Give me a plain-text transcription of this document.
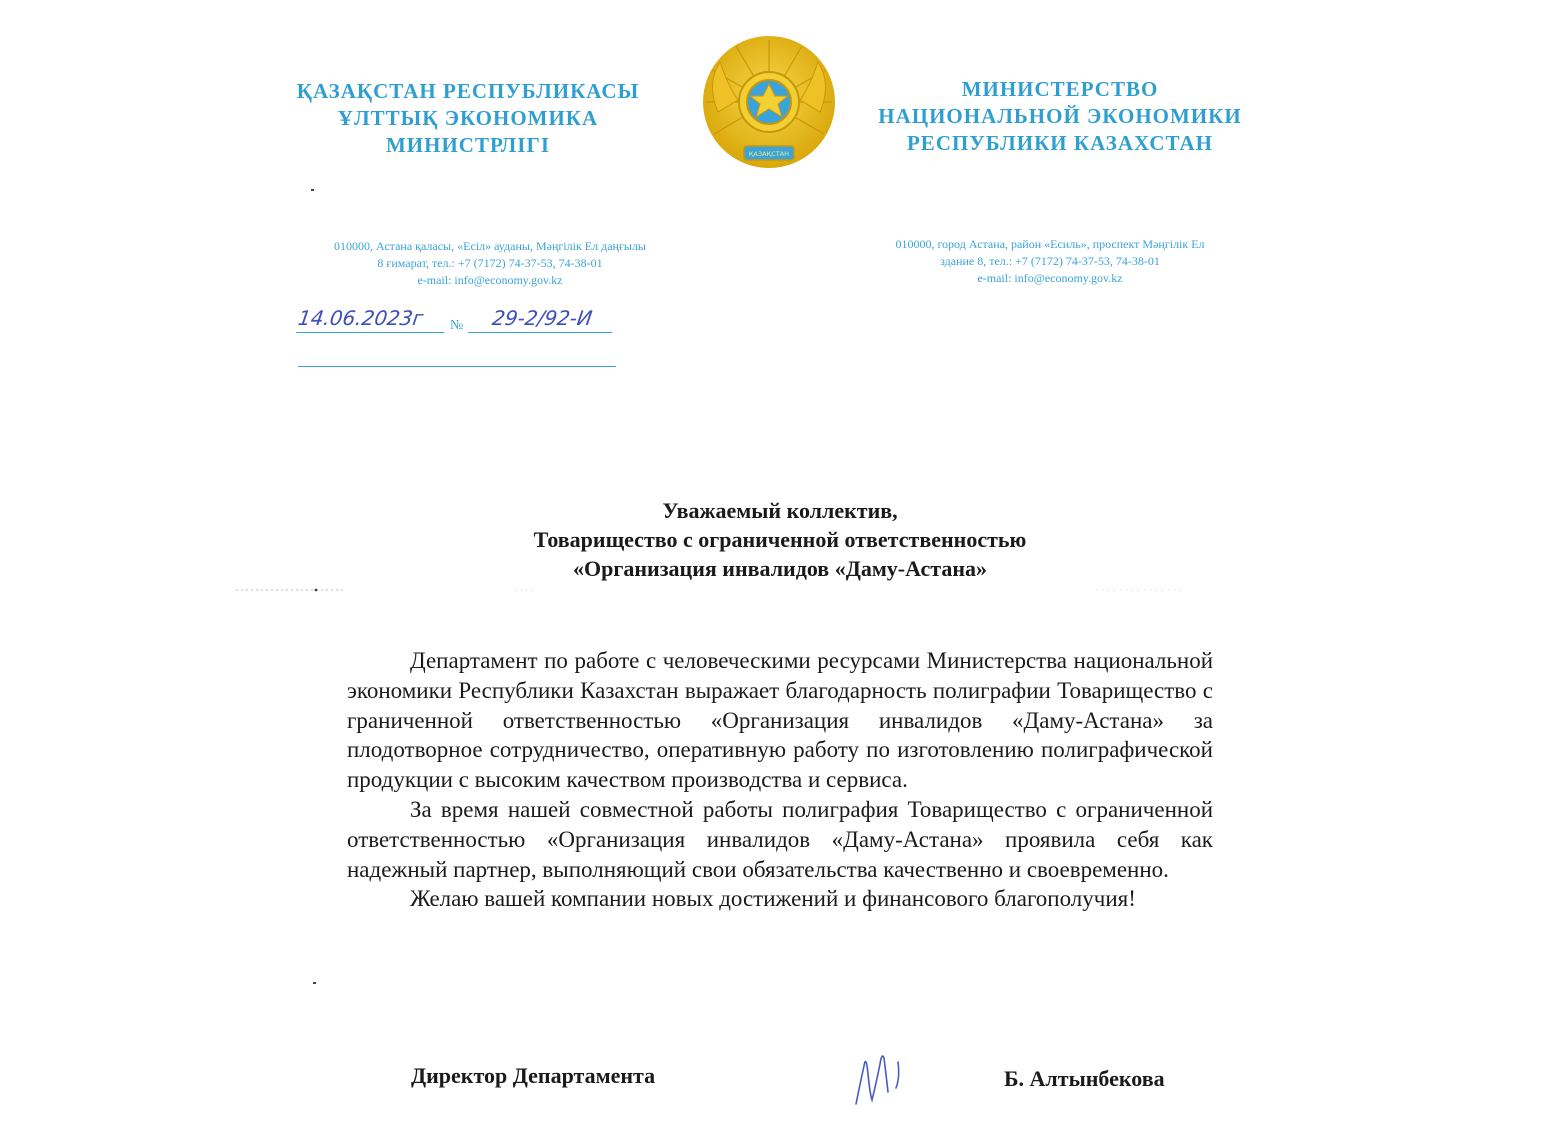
ҚАЗАҚСТАН РЕСПУБЛИКАСЫ
ҰЛТТЫҚ ЭКОНОМИКА
МИНИСТРЛІГІ	ҚАЗАҚСТАН
МИНИСТЕРСТВО
НАЦИОНАЛЬНОЙ ЭКОНОМИКИ
РЕСПУБЛИКИ КАЗАХСТАН
010000, Астана қаласы, «Есіл» ауданы, Мәңгілік Ел даңғылы
8 ғимарат, тел.: +7 (7172) 74-37-53, 74-38-01
e-mail: info@economy.gov.kz
010000, город Астана, район «Есиль», проспект Мәңгілік Ел
здание 8, тел.: +7 (7172) 74-37-53, 74-38-01
e-mail: info@economy.gov.kz
14.06.2023г	№	29-2/92-И
Уважаемый коллектив,
Товарищество с ограниченной ответственностью
«Организация инвалидов «Даму-Астана»

Департамент по работе с человеческими ресурсами Министерства национальной экономики Республики Казахстан выражает благодарность полиграфии Товарищество с граниченной ответственностью «Организация инвалидов «Даму-Астана» за плодотворное сотрудничество, оперативную работу по изготовлению полиграфической продукции с высоким качеством производства и сервиса.

За время нашей совместной работы полиграфия Товарищество с ограниченной ответственностью «Организация инвалидов «Даму-Астана» проявила себя как надежный партнер, выполняющий свои обязательства качественно и своевременно.

Желаю вашей компании новых достижений и финансового благополучия!

Директор Департамента	Б. Алтынбекова
